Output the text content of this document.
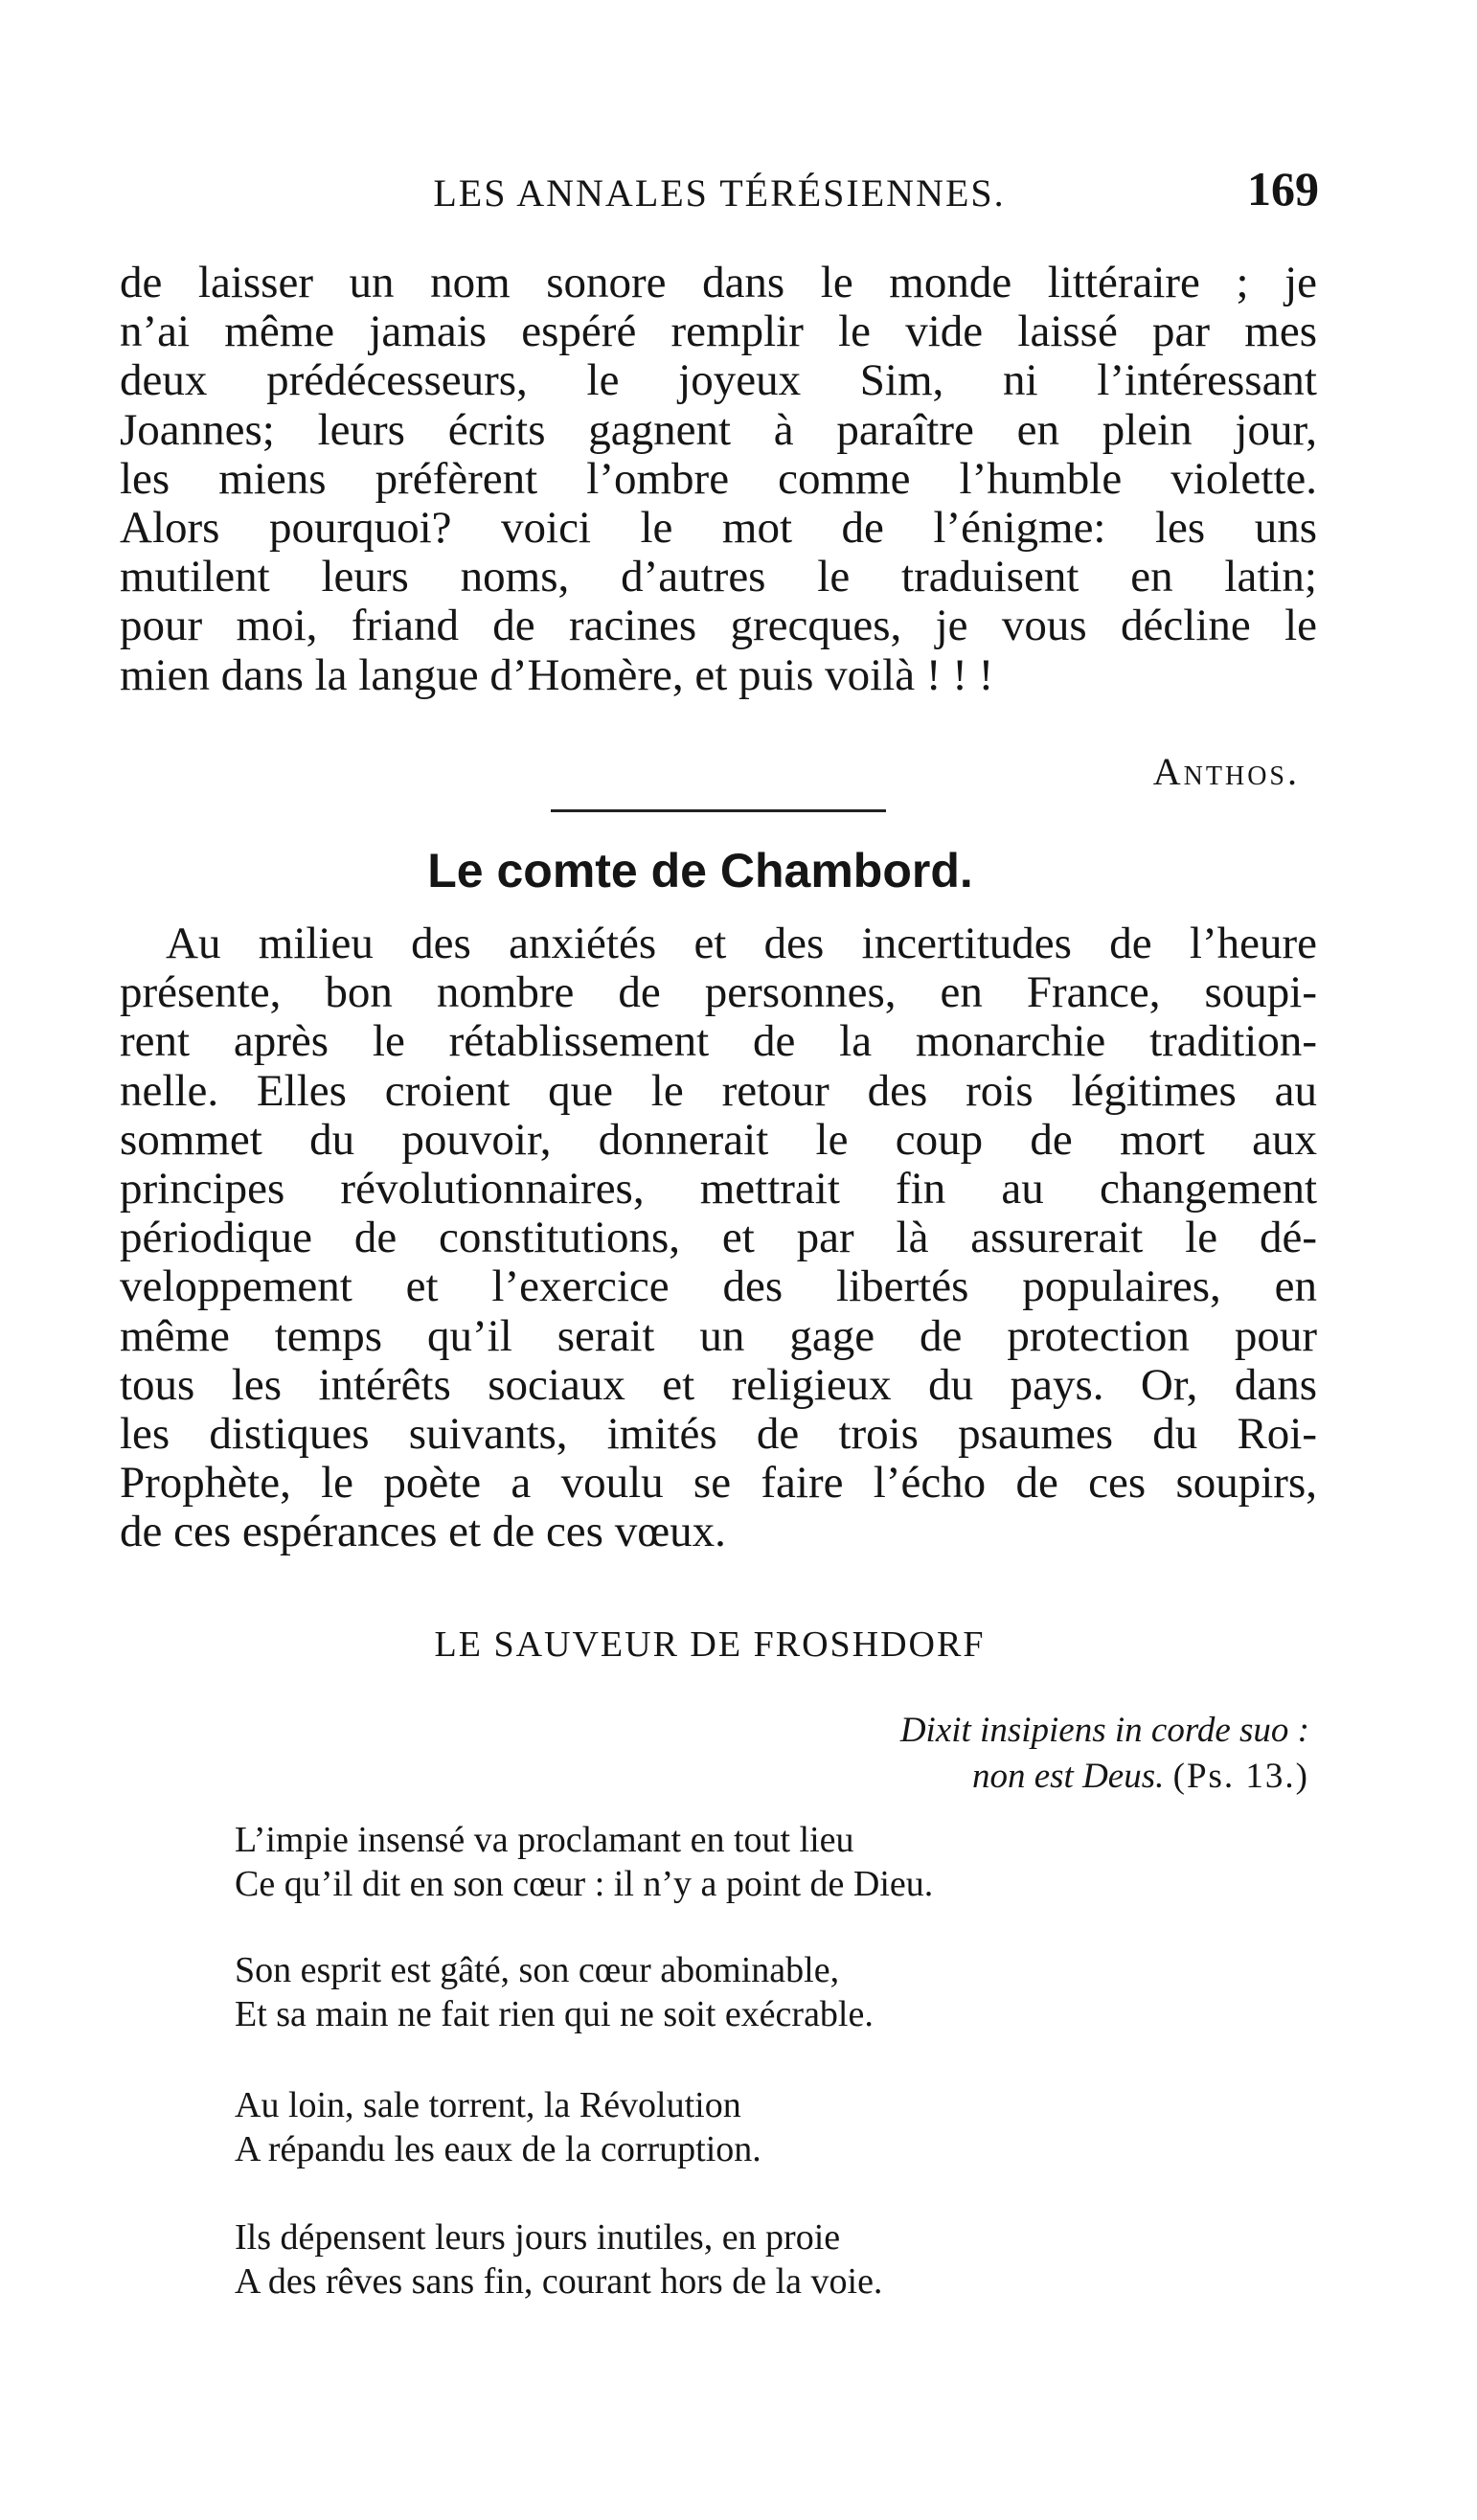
LES ANNALES TÉRÉSIENNES.	169

de laisser un nom sonore dans le monde littéraire ; je
n’ai même jamais espéré remplir le vide laissé par mes
deux prédécesseurs, le joyeux Sim, ni l’intéressant
Joannes; leurs écrits gagnent à paraître en plein jour,
les miens préfèrent l’ombre comme l’humble violette.
Alors pourquoi? voici le mot de l’énigme: les uns
mutilent leurs noms, d’autres le traduisent en latin;
pour moi, friand de racines grecques, je vous décline le
mien dans la langue d’Homère, et puis voilà ! ! !

Anthos.
Le comte de Chambord.

Au milieu des anxiétés et des incertitudes de l’heure
présente, bon nombre de personnes, en France, soupi-
rent après le rétablissement de la monarchie tradition-
nelle. Elles croient que le retour des rois légitimes au
sommet du pouvoir, donnerait le coup de mort aux
principes révolutionnaires, mettrait fin au changement
périodique de constitutions, et par là assurerait le dé-
veloppement et l’exercice des libertés populaires, en
même temps qu’il serait un gage de protection pour
tous les intérêts sociaux et religieux du pays. Or, dans
les distiques suivants, imités de trois psaumes du Roi-
Prophète, le poète a voulu se faire l’écho de ces soupirs,
de ces espérances et de ces vœux.

LE SAUVEUR DE FROSHDORF
Dixit insipiens in corde suo :
non est Deus. (Ps. 13.)
L’impie insensé va proclamant en tout lieu
Ce qu’il dit en son cœur : il n’y a point de Dieu.
Son esprit est gâté, son cœur abominable,
Et sa main ne fait rien qui ne soit exécrable.
Au loin, sale torrent, la Révolution
A répandu les eaux de la corruption.
Ils dépensent leurs jours inutiles, en proie
A des rêves sans fin, courant hors de la voie.
